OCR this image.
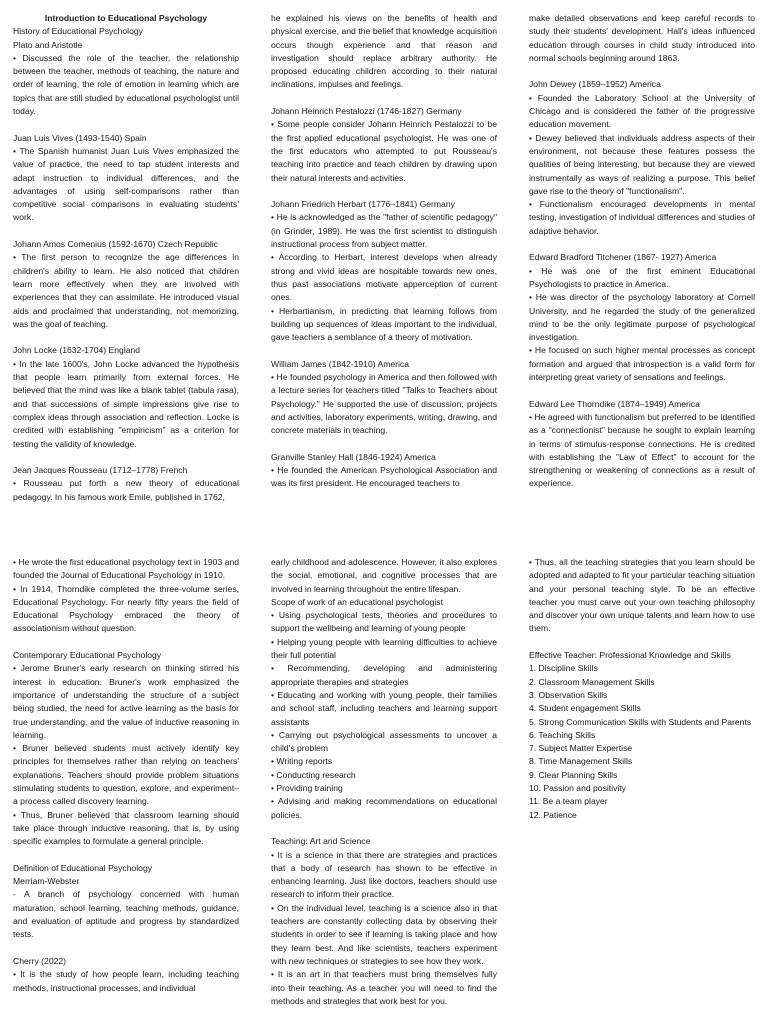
Introduction to Educational Psychology
History of Educational Psychology
Plato and Aristotle

• Discussed the role of the teacher, the relationship between the teacher, methods of teaching, the nature and order of learning, the role of emotion in learning which are topics that are still studied by educational psychologist until today.

Juan Luis Vives (1493-1540) Spain

• The Spanish humanist Juan Luis Vives emphasized the value of practice, the need to tap student interests and adapt instruction to individual differences, and the advantages of using self-comparisons rather than competitive social comparisons in evaluating students' work.

Johann Amos Comenius (1592-1670) Czech Republic

• The first person to recognize the age differences in children's ability to learn. He also noticed that children learn more effectively when they are involved with experiences that they can assimilate. He introduced visual aids and proclaimed that understanding, not memorizing, was the goal of teaching.

John Locke (1632-1704) England

• In the late 1600's, John Locke advanced the hypothesis that people learn primarily from external forces. He believed that the mind was like a blank tablet (tabula rasa), and that successions of simple impressions give rise to complex ideas through association and reflection. Locke is credited with establishing "empiricism" as a criterion for testing the validity of knowledge.

Jean Jacques Rousseau (1712–1778) French

• Rousseau put forth a new theory of educational pedagogy. In his famous work Emile, published in 1762,

he explained his views on the benefits of health and physical exercise, and the belief that knowledge acquisition occurs though experience and that reason and investigation should replace arbitrary authority. He proposed educating children according to their natural inclinations, impulses and feelings.

Johann Heinrich Pestalozzi (1746-1827) Germany

• Some people consider Johann Heinrich Pestalozzi to be the first applied educational psychologist. He was one of the first educators who attempted to put Rousseau's teaching into practice and teach children by drawing upon their natural interests and activities.

Johann Friedrich Herbart (1776–1841) Germany

• He is acknowledged as the "father of scientific pedagogy" (in Grinder, 1989). He was the first scientist to distinguish instructional process from subject matter.

• According to Herbart, interest develops when already strong and vivid ideas are hospitable towards new ones, thus past associations motivate apperception of current ones.

• Herbartianism, in predicting that learning follows from building up sequences of ideas important to the individual, gave teachers a semblance of a theory of motivation.

William James (1842-1910) America

• He founded psychology in America and then followed with a lecture series for teachers titled "Talks to Teachers about Psychology." He supported the use of discussion, projects and activities, laboratory experiments, writing, drawing, and concrete materials in teaching.

Granville Stanley Hall (1846-1924) America

• He founded the American Psychological Association and was its first president. He encouraged teachers to

make detailed observations and keep careful records to study their students' development. Hall's ideas influenced education through courses in child study introduced into normal schools beginning around 1863.

John Dewey (1859–1952) America

• Founded the Laboratory School at the University of Chicago and is considered the father of the progressive education movement.

• Dewey believed that individuals address aspects of their environment, not because these features possess the qualities of being interesting, but because they are viewed instrumentally as ways of realizing a purpose. This belief gave rise to the theory of "functionalism".

• Functionalism encouraged developments in mental testing, investigation of individual differences and studies of adaptive behavior.

Edward Bradford Titchener (1867- 1927) America

• He was one of the first eminent Educational Psychologists to practice in America.

• He was director of the psychology laboratory at Cornell University, and he regarded the study of the generalized mind to be the only legitimate purpose of psychological investigation.

• He focused on such higher mental processes as concept formation and argued that introspection is a valid form for interpreting great variety of sensations and feelings.

Edward Lee Thorndike (1874–1949) America

• He agreed with functionalism but preferred to be identified as a "connectionist" because he sought to explain learning in terms of stimulus-response connections. He is credited with establishing the "Law of Effect" to account for the strengthening or weakening of connections as a result of experience.

• He wrote the first educational psychology text in 1903 and founded the Journal of Educational Psychology in 1910.

• In 1914, Thorndike completed the three-volume series, Educational Psychology. For nearly fifty years the field of Educational Psychology embraced the theory of associationism without question.

Contemporary Educational Psychology

• Jerome Bruner's early research on thinking stirred his interest in education. Bruner's work emphasized the importance of understanding the structure of a subject being studied, the need for active learning as the basis for true understanding, and the value of inductive reasoning in learning.

• Bruner believed students must actively identify key principles for themselves rather than relying on teachers' explanations. Teachers should provide problem situations stimulating students to question, explore, and experiment–a process called discovery learning.

• Thus, Bruner believed that classroom learning should take place through inductive reasoning, that is, by using specific examples to formulate a general principle.

Definition of Educational Psychology
Merriam-Webster

- A branch of psychology concerned with human maturation, school learning, teaching methods, guidance, and evaluation of aptitude and progress by standardized tests.

Cherry (2022)

• It is the study of how people learn, including teaching methods, instructional processes, and individual

early childhood and adolescence. However, it also explores the social, emotional, and cognitive processes that are involved in learning throughout the entire lifespan.

Scope of work of an educational psychologist

• Using psychological tests, theories and procedures to support the wellbeing and learning of young people

• Helping young people with learning difficulties to achieve their full potential

• Recommending, developing and administering appropriate therapies and strategies

• Educating and working with young people, their families and school staff, including teachers and learning support assistants

• Carrying out psychological assessments to uncover a child's problem

• Writing reports

• Conducting research

• Providing training

• Advising and making recommendations on educational policies.

Teaching: Art and Science

• It is a science in that there are strategies and practices that a body of research has shown to be effective in enhancing learning. Just like doctors, teachers should use research to inform their practice.

• On the individual level, teaching is a science also in that teachers are constantly collecting data by observing their students in order to see if learning is taking place and how they learn best. And like scientists, teachers experiment with new techniques or strategies to see how they work.

• It is an art in that teachers must bring themselves fully into their teaching. As a teacher you will need to find the methods and strategies that work best for you.

• Thus, all the teaching strategies that you learn should be adopted and adapted to fit your particular teaching situation and your personal teaching style. To be an effective teacher you must carve out your own teaching philosophy and discover your own unique talents and learn how to use them.

Effective Teacher: Professional Knowledge and Skills

1. Discipline Skills

2. Classroom Management Skills

3. Observation Skills

4. Student engagement Skills

5. Strong Communication Skills with Students and Parents

6. Teaching Skills

7. Subject Matter Expertise

8. Time Management Skills

9. Clear Planning Skills

10. Passion and positivity

11. Be a team player

12. Patience
